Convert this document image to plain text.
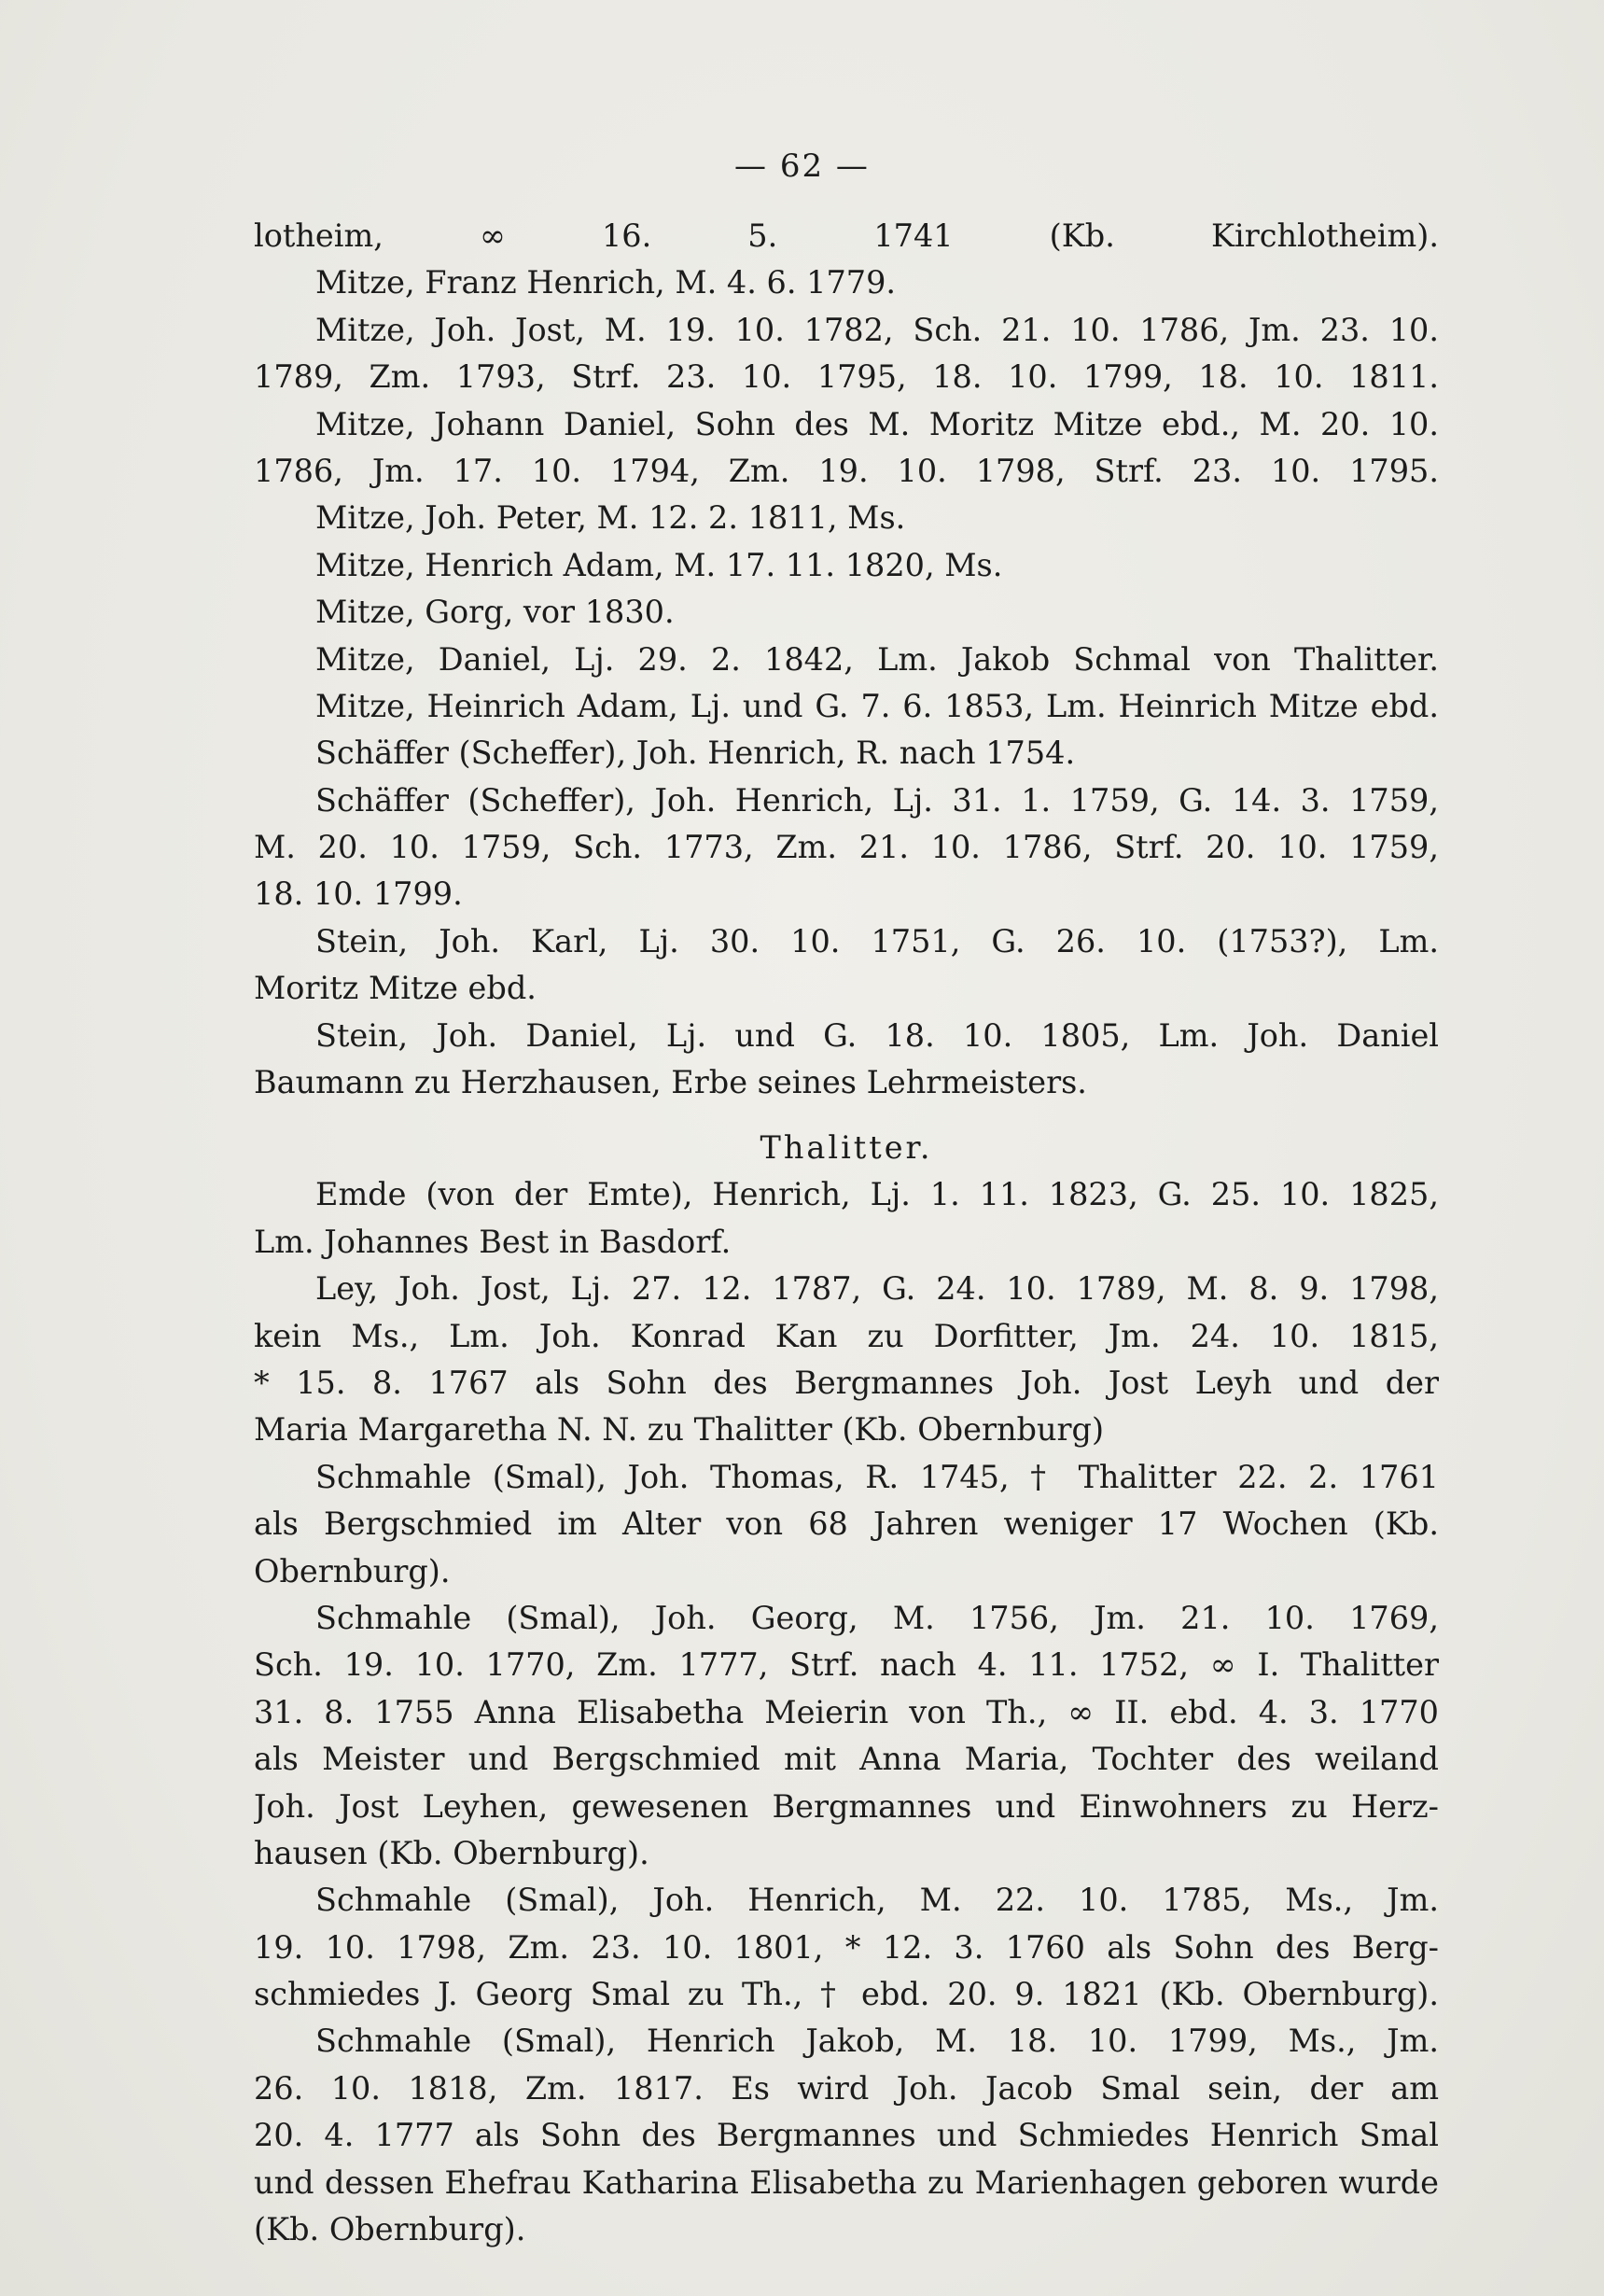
— 62 —
lotheim, ∞ 16. 5. 1741 (Kb. Kirchlotheim).
Mitze, Franz Henrich, M. 4. 6. 1779.
Mitze, Joh. Jost, M. 19. 10. 1782, Sch. 21. 10. 1786, Jm. 23. 10.
1789, Zm. 1793, Strf. 23. 10. 1795, 18. 10. 1799, 18. 10. 1811.
Mitze, Johann Daniel, Sohn des M. Moritz Mitze ebd., M. 20. 10.
1786, Jm. 17. 10. 1794, Zm. 19. 10. 1798, Strf. 23. 10. 1795.
Mitze, Joh. Peter, M. 12. 2. 1811, Ms.
Mitze, Henrich Adam, M. 17. 11. 1820, Ms.
Mitze, Gorg, vor 1830.
Mitze, Daniel, Lj. 29. 2. 1842, Lm. Jakob Schmal von Thalitter.
Mitze, Heinrich Adam, Lj. und G. 7. 6. 1853, Lm. Heinrich Mitze ebd.
Schäffer (Scheffer), Joh. Henrich, R. nach 1754.
Schäffer (Scheffer), Joh. Henrich, Lj. 31. 1. 1759, G. 14. 3. 1759,
M. 20. 10. 1759, Sch. 1773, Zm. 21. 10. 1786, Strf. 20. 10. 1759,
18. 10. 1799.
Stein, Joh. Karl, Lj. 30. 10. 1751, G. 26. 10. (1753?), Lm.
Moritz Mitze ebd.
Stein, Joh. Daniel, Lj. und G. 18. 10. 1805, Lm. Joh. Daniel
Baumann zu Herzhausen, Erbe seines Lehrmeisters.
Thalitter.
Emde (von der Emte), Henrich, Lj. 1. 11. 1823, G. 25. 10. 1825,
Lm. Johannes Best in Basdorf.
Ley, Joh. Jost, Lj. 27. 12. 1787, G. 24. 10. 1789, M. 8. 9. 1798,
kein Ms., Lm. Joh. Konrad Kan zu Dorfitter, Jm. 24. 10. 1815,
* 15. 8. 1767 als Sohn des Bergmannes Joh. Jost Leyh und der
Maria Margaretha N. N. zu Thalitter (Kb. Obernburg)
Schmahle (Smal), Joh. Thomas, R. 1745, † Thalitter 22. 2. 1761
als Bergschmied im Alter von 68 Jahren weniger 17 Wochen (Kb.
Obernburg).
Schmahle (Smal), Joh. Georg, M. 1756, Jm. 21. 10. 1769,
Sch. 19. 10. 1770, Zm. 1777, Strf. nach 4. 11. 1752, ∞ I. Thalitter
31. 8. 1755 Anna Elisabetha Meierin von Th., ∞ II. ebd. 4. 3. 1770
als Meister und Bergschmied mit Anna Maria, Tochter des weiland
Joh. Jost Leyhen, gewesenen Bergmannes und Einwohners zu Herz-
hausen (Kb. Obernburg).
Schmahle (Smal), Joh. Henrich, M. 22. 10. 1785, Ms., Jm.
19. 10. 1798, Zm. 23. 10. 1801, * 12. 3. 1760 als Sohn des Berg-
schmiedes J. Georg Smal zu Th., † ebd. 20. 9. 1821 (Kb. Obernburg).
Schmahle (Smal), Henrich Jakob, M. 18. 10. 1799, Ms., Jm.
26. 10. 1818, Zm. 1817. Es wird Joh. Jacob Smal sein, der am
20. 4. 1777 als Sohn des Bergmannes und Schmiedes Henrich Smal
und dessen Ehefrau Katharina Elisabetha zu Marienhagen geboren wurde
(Kb. Obernburg).
